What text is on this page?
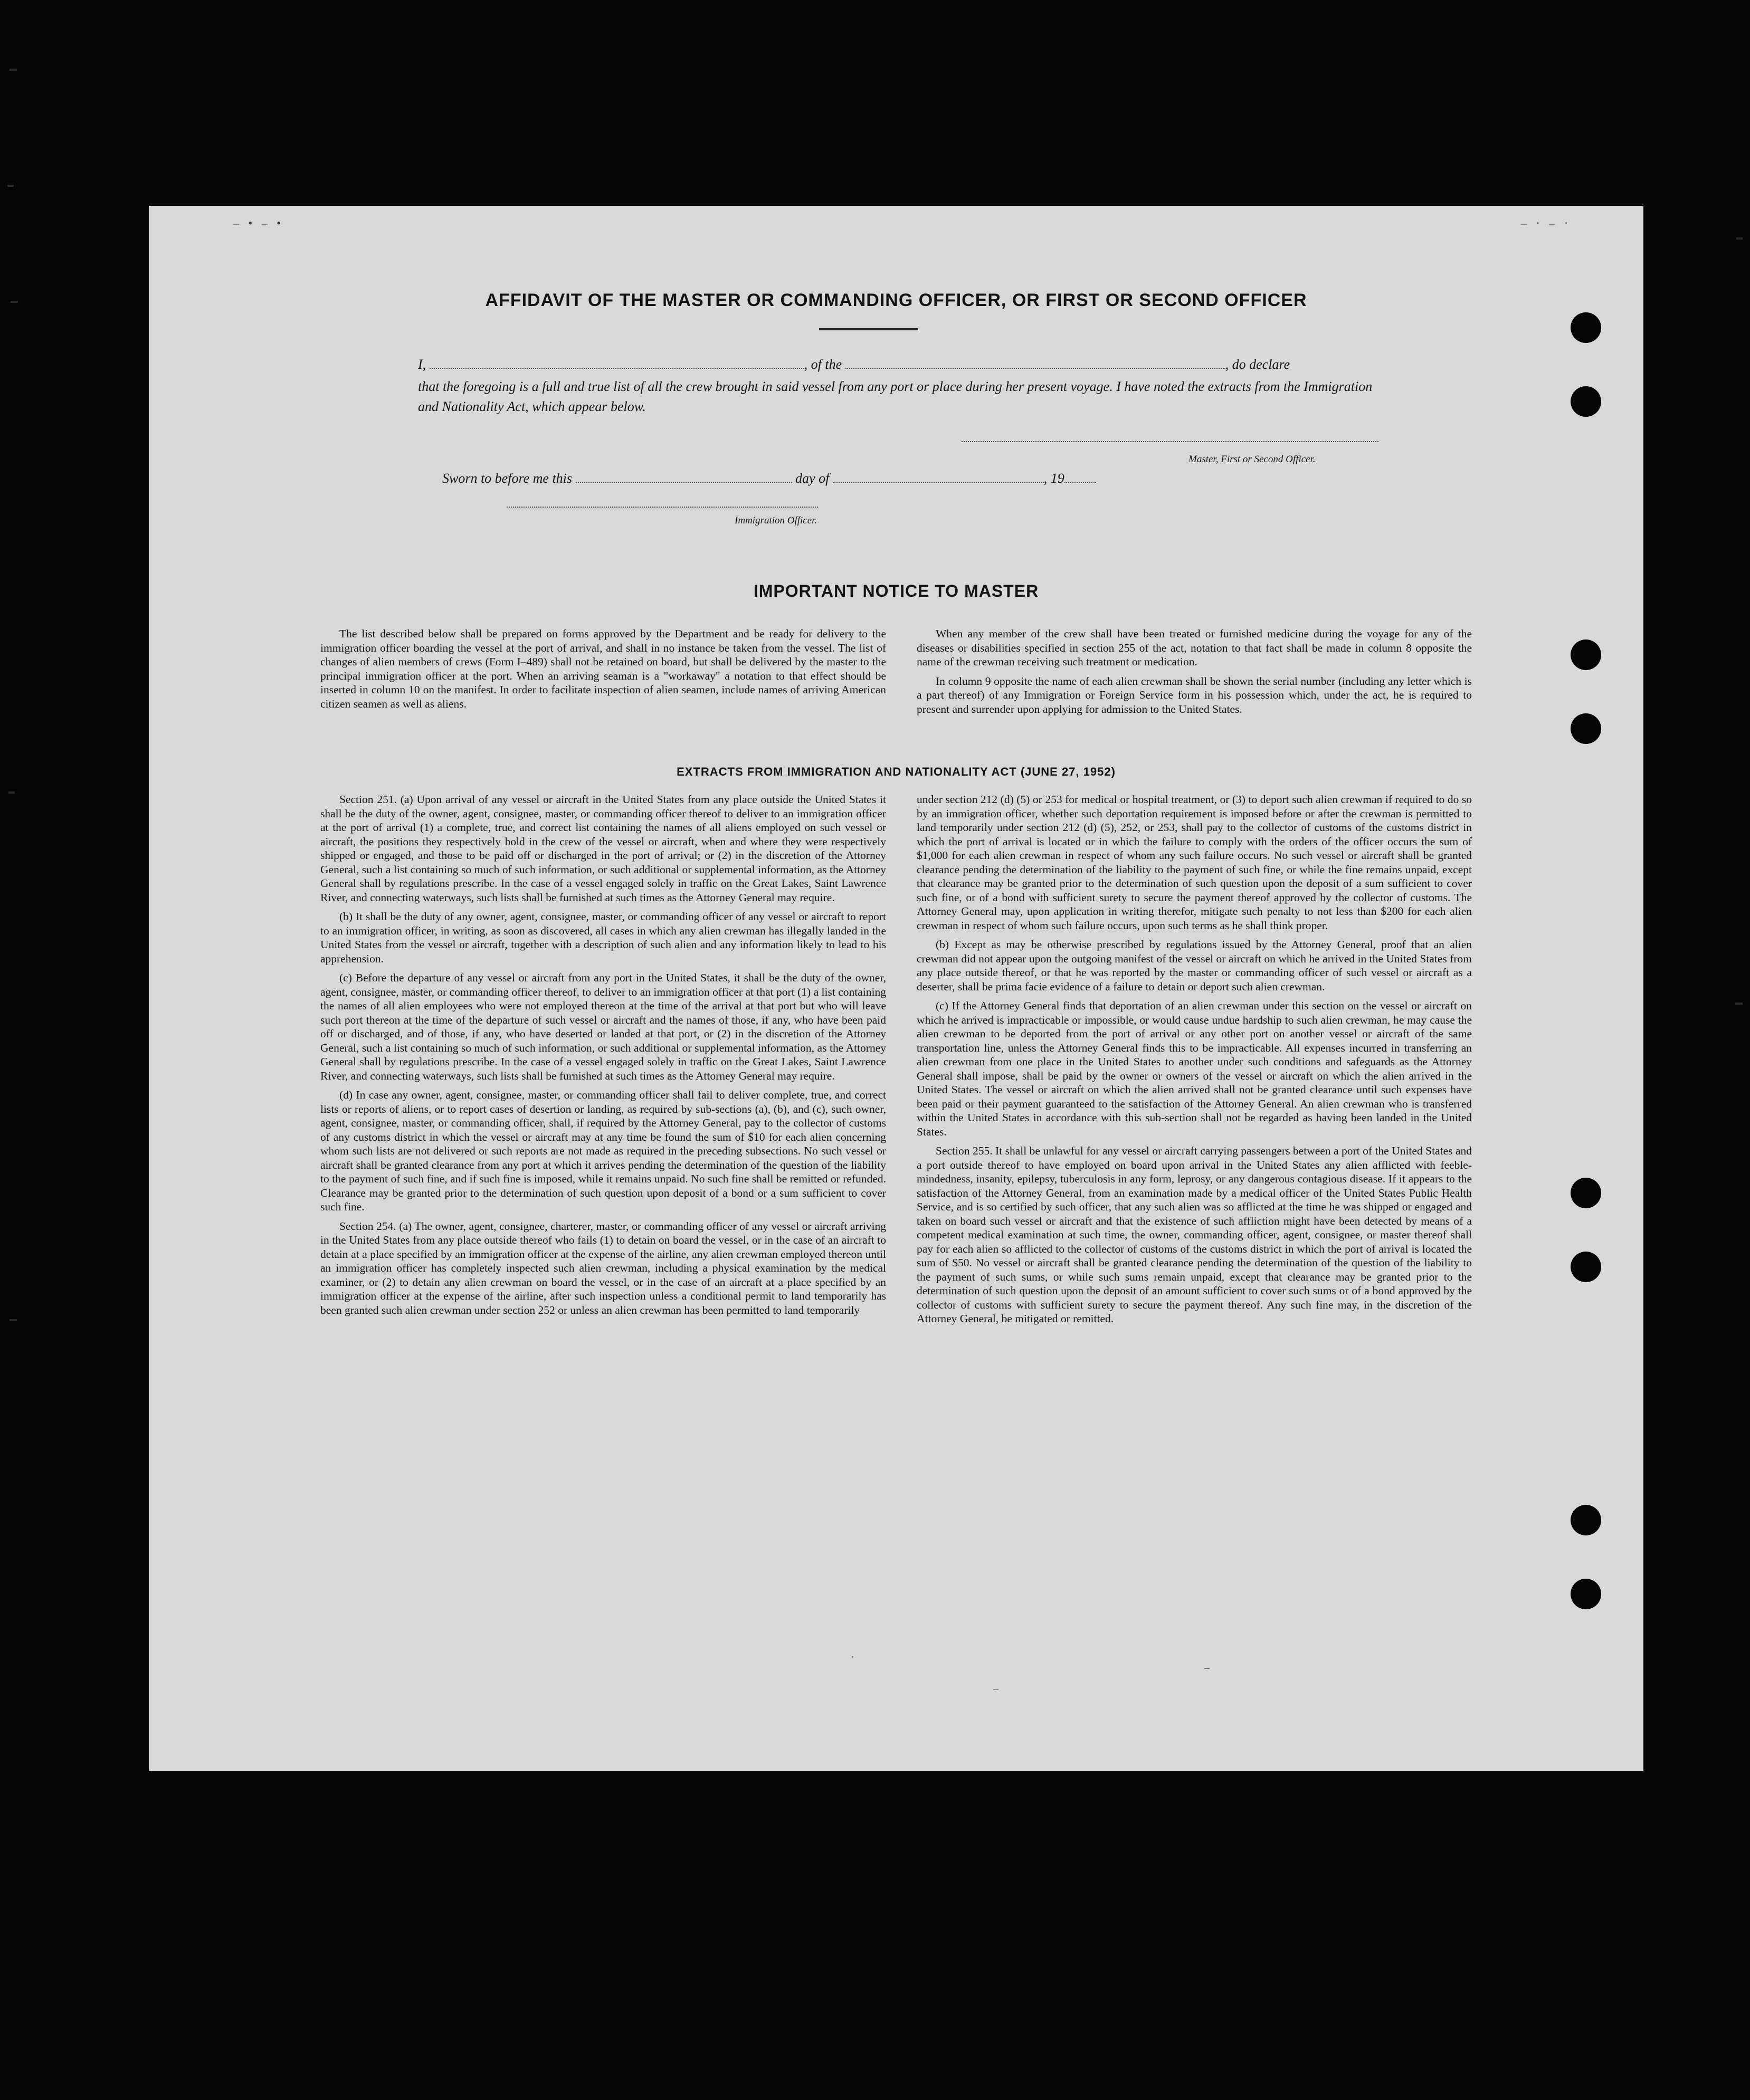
– • – •	– · – ·
AFFIDAVIT OF THE MASTER OR COMMANDING OFFICER, OR FIRST OR SECOND OFFICER
I,	, of the	, do declare
that the foregoing is a full and true list of all the crew brought in said vessel from any port or place during her present voyage. I have noted the extracts from the Immigration and Nationality Act, which appear below.
Master, First or Second Officer.
Sworn to before me this	day of	, 19
Immigration Officer.
IMPORTANT NOTICE TO MASTER

The list described below shall be prepared on forms approved by the Department and be ready for delivery to the immigration officer boarding the vessel at the port of arrival, and shall in no instance be taken from the vessel. The list of changes of alien members of crews (Form I–489) shall not be retained on board, but shall be delivered by the master to the principal immigration officer at the port. When an arriving seaman is a "workaway" a notation to that effect should be inserted in column 10 on the manifest. In order to facilitate inspection of alien seamen, include names of arriving American citizen seamen as well as aliens.

When any member of the crew shall have been treated or furnished medicine during the voyage for any of the diseases or disabilities specified in section 255 of the act, notation to that fact shall be made in column 8 opposite the name of the crewman receiving such treatment or medication.

In column 9 opposite the name of each alien crewman shall be shown the serial number (including any letter which is a part thereof) of any Immigration or Foreign Service form in his possession which, under the act, he is required to present and surrender upon applying for admission to the United States.

EXTRACTS FROM IMMIGRATION AND NATIONALITY ACT (JUNE 27, 1952)

Section 251. (a) Upon arrival of any vessel or aircraft in the United States from any place outside the United States it shall be the duty of the owner, agent, consignee, master, or commanding officer thereof to deliver to an immigration officer at the port of arrival (1) a complete, true, and correct list containing the names of all aliens employed on such vessel or aircraft, the positions they respectively hold in the crew of the vessel or aircraft, when and where they were respectively shipped or engaged, and those to be paid off or discharged in the port of arrival; or (2) in the discretion of the Attorney General, such a list containing so much of such information, or such additional or supplemental information, as the Attorney General shall by regulations prescribe. In the case of a vessel engaged solely in traffic on the Great Lakes, Saint Lawrence River, and connecting waterways, such lists shall be furnished at such times as the Attorney General may require.

(b) It shall be the duty of any owner, agent, consignee, master, or commanding officer of any vessel or aircraft to report to an immigration officer, in writing, as soon as discovered, all cases in which any alien crewman has illegally landed in the United States from the vessel or aircraft, together with a description of such alien and any information likely to lead to his apprehension.

(c) Before the departure of any vessel or aircraft from any port in the United States, it shall be the duty of the owner, agent, consignee, master, or commanding officer thereof, to deliver to an immigration officer at that port (1) a list containing the names of all alien employees who were not employed thereon at the time of the arrival at that port but who will leave such port thereon at the time of the departure of such vessel or aircraft and the names of those, if any, who have been paid off or discharged, and of those, if any, who have deserted or landed at that port, or (2) in the discretion of the Attorney General, such a list containing so much of such information, or such additional or supplemental information, as the Attorney General shall by regulations prescribe. In the case of a vessel engaged solely in traffic on the Great Lakes, Saint Lawrence River, and connecting waterways, such lists shall be furnished at such times as the Attorney General may require.

(d) In case any owner, agent, consignee, master, or commanding officer shall fail to deliver complete, true, and correct lists or reports of aliens, or to report cases of desertion or landing, as required by sub-sections (a), (b), and (c), such owner, agent, consignee, master, or commanding officer, shall, if required by the Attorney General, pay to the collector of customs of any customs district in which the vessel or aircraft may at any time be found the sum of $10 for each alien concerning whom such lists are not delivered or such reports are not made as required in the preceding subsections. No such vessel or aircraft shall be granted clearance from any port at which it arrives pending the determination of the question of the liability to the payment of such fine, and if such fine is imposed, while it remains unpaid. No such fine shall be remitted or refunded. Clearance may be granted prior to the determination of such question upon deposit of a bond or a sum sufficient to cover such fine.

Section 254. (a) The owner, agent, consignee, charterer, master, or commanding officer of any vessel or aircraft arriving in the United States from any place outside thereof who fails (1) to detain on board the vessel, or in the case of an aircraft to detain at a place specified by an immigration officer at the expense of the airline, any alien crewman employed thereon until an immigration officer has completely inspected such alien crewman, including a physical examination by the medical examiner, or (2) to detain any alien crewman on board the vessel, or in the case of an aircraft at a place specified by an immigration officer at the expense of the airline, after such inspection unless a conditional permit to land temporarily has been granted such alien crewman under section 252 or unless an alien crewman has been permitted to land temporarily

under section 212 (d) (5) or 253 for medical or hospital treatment, or (3) to deport such alien crewman if required to do so by an immigration officer, whether such deportation requirement is imposed before or after the crewman is permitted to land temporarily under section 212 (d) (5), 252, or 253, shall pay to the collector of customs of the customs district in which the port of arrival is located or in which the failure to comply with the orders of the officer occurs the sum of $1,000 for each alien crewman in respect of whom any such failure occurs. No such vessel or aircraft shall be granted clearance pending the determination of the liability to the payment of such fine, or while the fine remains unpaid, except that clearance may be granted prior to the determination of such question upon the deposit of a sum sufficient to cover such fine, or of a bond with sufficient surety to secure the payment thereof approved by the collector of customs. The Attorney General may, upon application in writing therefor, mitigate such penalty to not less than $200 for each alien crewman in respect of whom such failure occurs, upon such terms as he shall think proper.

(b) Except as may be otherwise prescribed by regulations issued by the Attorney General, proof that an alien crewman did not appear upon the outgoing manifest of the vessel or aircraft on which he arrived in the United States from any place outside thereof, or that he was reported by the master or commanding officer of such vessel or aircraft as a deserter, shall be prima facie evidence of a failure to detain or deport such alien crewman.

(c) If the Attorney General finds that deportation of an alien crewman under this section on the vessel or aircraft on which he arrived is impracticable or impossible, or would cause undue hardship to such alien crewman, he may cause the alien crewman to be deported from the port of arrival or any other port on another vessel or aircraft of the same transportation line, unless the Attorney General finds this to be impracticable. All expenses incurred in transferring an alien crewman from one place in the United States to another under such conditions and safeguards as the Attorney General shall impose, shall be paid by the owner or owners of the vessel or aircraft on which the alien arrived in the United States. The vessel or aircraft on which the alien arrived shall not be granted clearance until such expenses have been paid or their payment guaranteed to the satisfaction of the Attorney General. An alien crewman who is transferred within the United States in accordance with this sub-section shall not be regarded as having been landed in the United States.

Section 255. It shall be unlawful for any vessel or aircraft carrying passengers between a port of the United States and a port outside thereof to have employed on board upon arrival in the United States any alien afflicted with feeble-mindedness, insanity, epilepsy, tuberculosis in any form, leprosy, or any dangerous contagious disease. If it appears to the satisfaction of the Attorney General, from an examination made by a medical officer of the United States Public Health Service, and is so certified by such officer, that any such alien was so afflicted at the time he was shipped or engaged and taken on board such vessel or aircraft and that the existence of such affliction might have been detected by means of a competent medical examination at such time, the owner, commanding officer, agent, consignee, or master thereof shall pay for each alien so afflicted to the collector of customs of the customs district in which the port of arrival is located the sum of $50. No vessel or aircraft shall be granted clearance pending the determination of the question of the liability to the payment of such sums, or while such sums remain unpaid, except that clearance may be granted prior to the determination of such question upon the deposit of an amount sufficient to cover such sums or of a bond approved by the collector of customs with sufficient surety to secure the payment thereof. Any such fine may, in the discretion of the Attorney General, be mitigated or remitted.

·
–
–
